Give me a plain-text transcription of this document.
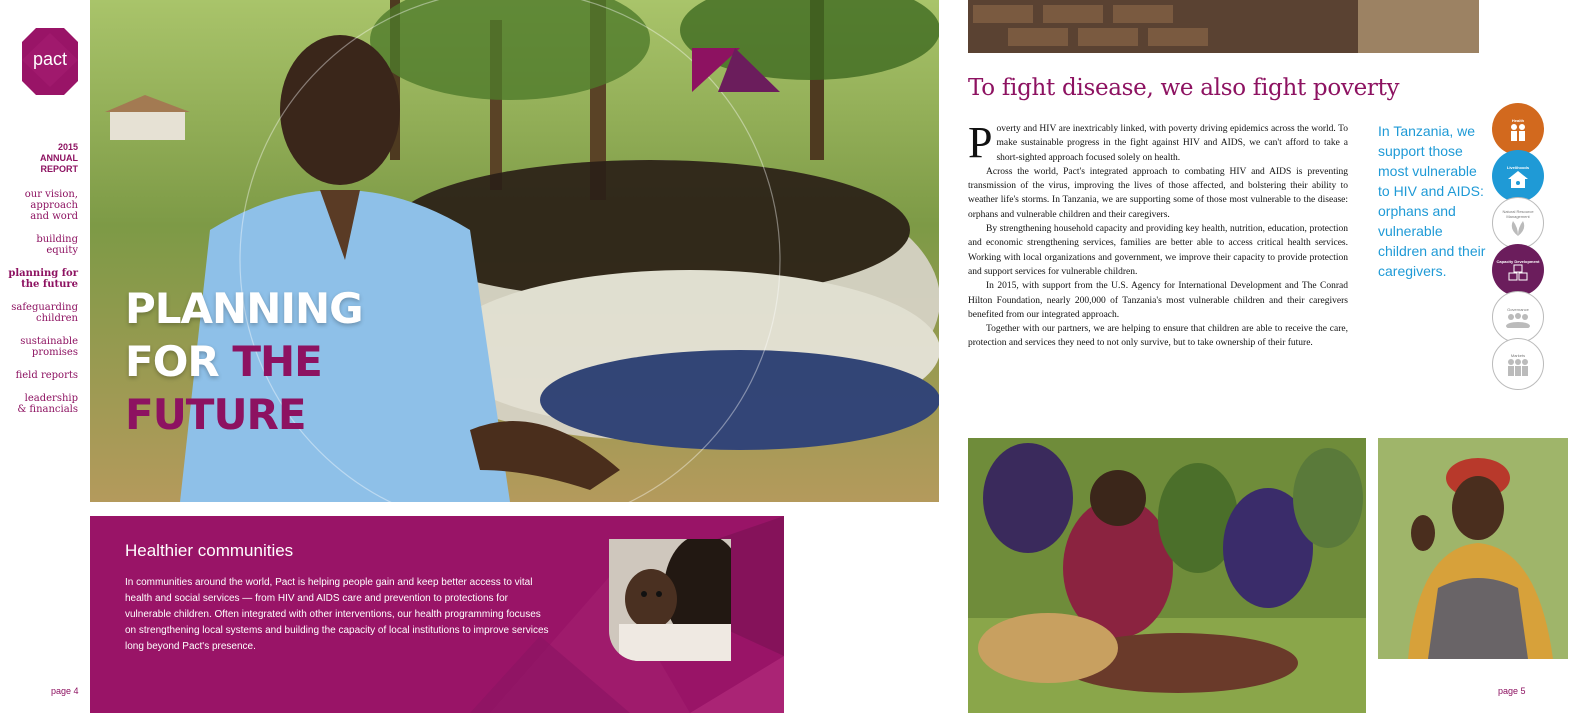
pact
2015
ANNUAL
REPORT
our vision,
approach
and word
building
equity
planning for
the future
safeguarding
children
sustainable
promises
field reports
leadership
& financials
PLANNING
FOR THE
FUTURE
Healthier communities

In communities around the world, Pact is helping people gain and keep better access to vital health and social services — from HIV and AIDS care and prevention to protections for vulnerable children. Often integrated with other interventions, our health programming focuses on strengthening local systems and building the capacity of local institutions to improve services long beyond Pact's presence.

page 4
To fight disease, we also fight poverty

Poverty and HIV are inextricably linked, with poverty driving epidemics across the world. To make sustainable progress in the fight against HIV and AIDS, we can't afford to take a short-sighted approach focused solely on health.

Across the world, Pact's integrated approach to combating HIV and AIDS is preventing transmission of the virus, improving the lives of those affected, and bolstering their ability to weather life's storms. In Tanzania, we are supporting some of those most vulnerable to the disease: orphans and vulnerable children and their caregivers.

By strengthening household capacity and providing key health, nutrition, education, protection and economic strengthening services, families are better able to access critical health services. Working with local organizations and government, we improve their capacity to provide protection and support services for vulnerable children.

In 2015, with support from the U.S. Agency for International Development and The Conrad Hilton Foundation, nearly 200,000 of Tanzania's most vulnerable children and their caregivers benefited from our integrated approach.

Together with our partners, we are helping to ensure that children are able to receive the care, protection and services they need to not only survive, but to take ownership of their future.

In Tanzania, we support those most vulnerable to HIV and AIDS: orphans and vulnerable children and their caregivers.
Health
Livelihoods
Natural Resource Management
Capacity Development
Governance
Markets
page 5
